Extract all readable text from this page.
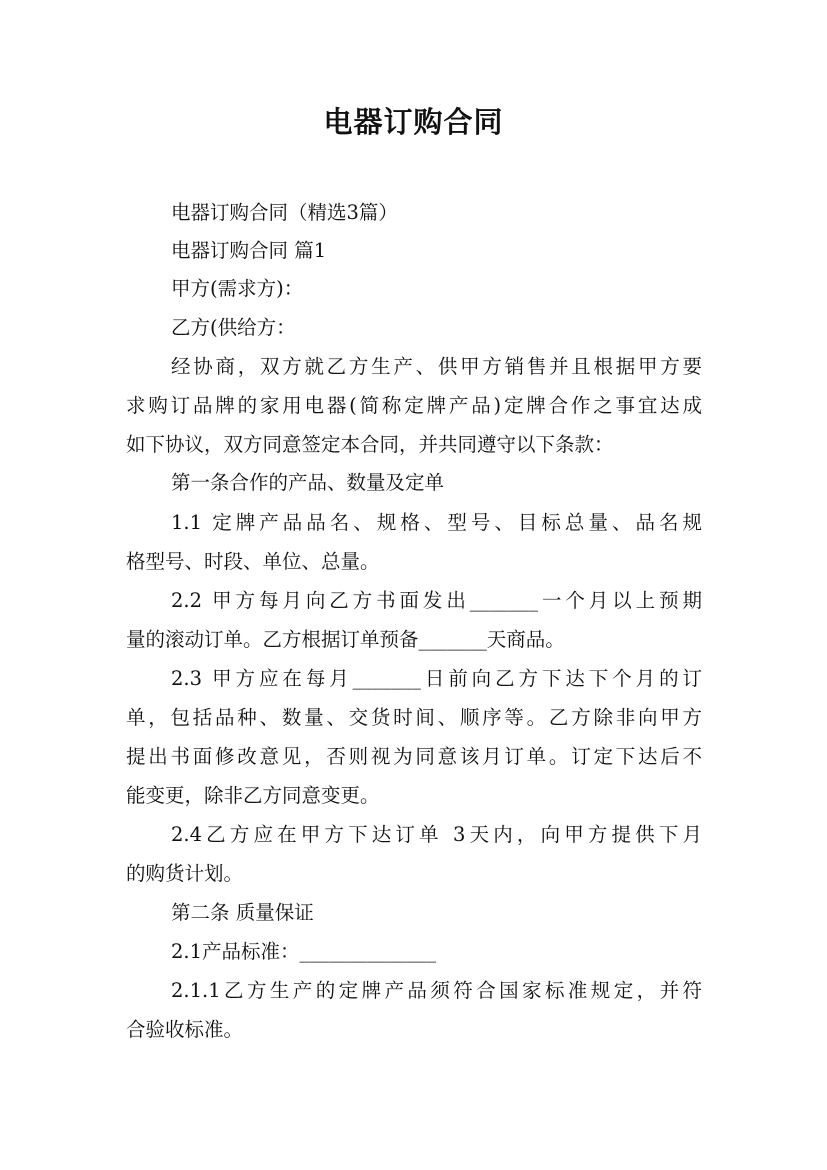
电器订购合同
电器订购合同（精选3篇）
电器订购合同 篇1
甲方(需求方)：
乙方(供给方：
经协商，双方就乙方生产、供甲方销售并且根据甲方要
求购订品牌的家用电器(简称定牌产品)定牌合作之事宜达成
如下协议，双方同意签定本合同，并共同遵守以下条款：
第一条合作的产品、数量及定单
1.1 定牌产品品名、规格、型号、目标总量、品名规
格型号、时段、单位、总量。
2.2 甲方每月向乙方书面发出_______一个月以上预期
量的滚动订单。乙方根据订单预备_______天商品。
2.3 甲方应在每月_______日前向乙方下达下个月的订
单，包括品种、数量、交货时间、顺序等。乙方除非向甲方
提出书面修改意见，否则视为同意该月订单。订定下达后不
能变更，除非乙方同意变更。
2.4乙方应在甲方下达订单 3天内，向甲方提供下月
的购货计划。
第二条 质量保证
2.1产品标准：______________
2.1.1乙方生产的定牌产品须符合国家标准规定，并符
合验收标准。
